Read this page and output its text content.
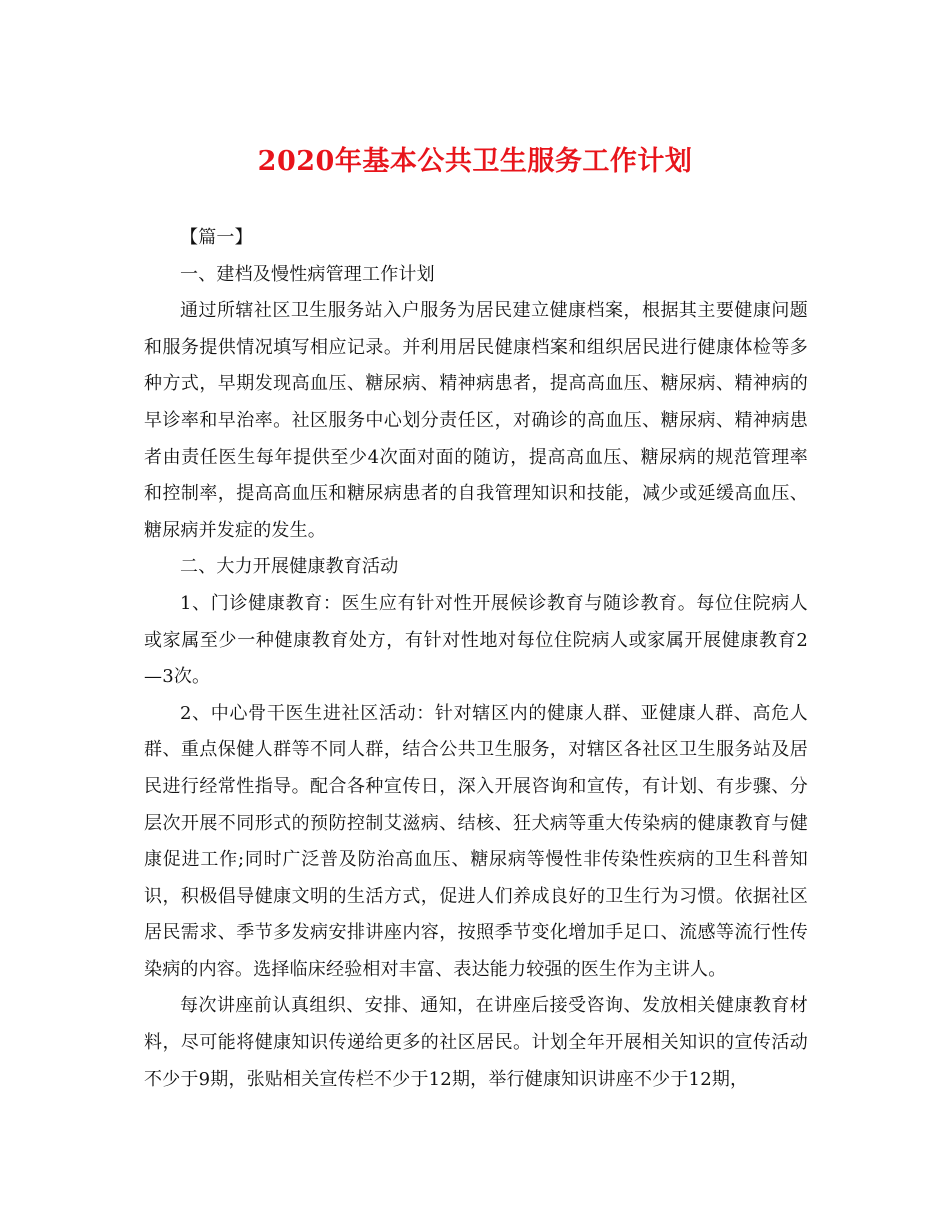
2020年基本公共卫生服务工作计划

【篇一】

一、建档及慢性病管理工作计划

通过所辖社区卫生服务站入户服务为居民建立健康档案，根据其主要健康问题和服务提供情况填写相应记录。并利用居民健康档案和组织居民进行健康体检等多种方式，早期发现高血压、糖尿病、精神病患者，提高高血压、糖尿病、精神病的早诊率和早治率。社区服务中心划分责任区，对确诊的高血压、糖尿病、精神病患者由责任医生每年提供至少4次面对面的随访，提高高血压、糖尿病的规范管理率和控制率，提高高血压和糖尿病患者的自我管理知识和技能，减少或延缓高血压、糖尿病并发症的发生。

二、大力开展健康教育活动

1、门诊健康教育：医生应有针对性开展候诊教育与随诊教育。每位住院病人或家属至少一种健康教育处方，有针对性地对每位住院病人或家属开展健康教育2—3次。

2、中心骨干医生进社区活动：针对辖区内的健康人群、亚健康人群、高危人群、重点保健人群等不同人群，结合公共卫生服务，对辖区各社区卫生服务站及居民进行经常性指导。配合各种宣传日，深入开展咨询和宣传，有计划、有步骤、分层次开展不同形式的预防控制艾滋病、结核、狂犬病等重大传染病的健康教育与健康促进工作;同时广泛普及防治高血压、糖尿病等慢性非传染性疾病的卫生科普知识，积极倡导健康文明的生活方式，促进人们养成良好的卫生行为习惯。依据社区居民需求、季节多发病安排讲座内容，按照季节变化增加手足口、流感等流行性传染病的内容。选择临床经验相对丰富、表达能力较强的医生作为主讲人。

每次讲座前认真组织、安排、通知，在讲座后接受咨询、发放相关健康教育材料，尽可能将健康知识传递给更多的社区居民。计划全年开展相关知识的宣传活动不少于9期，张贴相关宣传栏不少于12期，举行健康知识讲座不少于12期，
